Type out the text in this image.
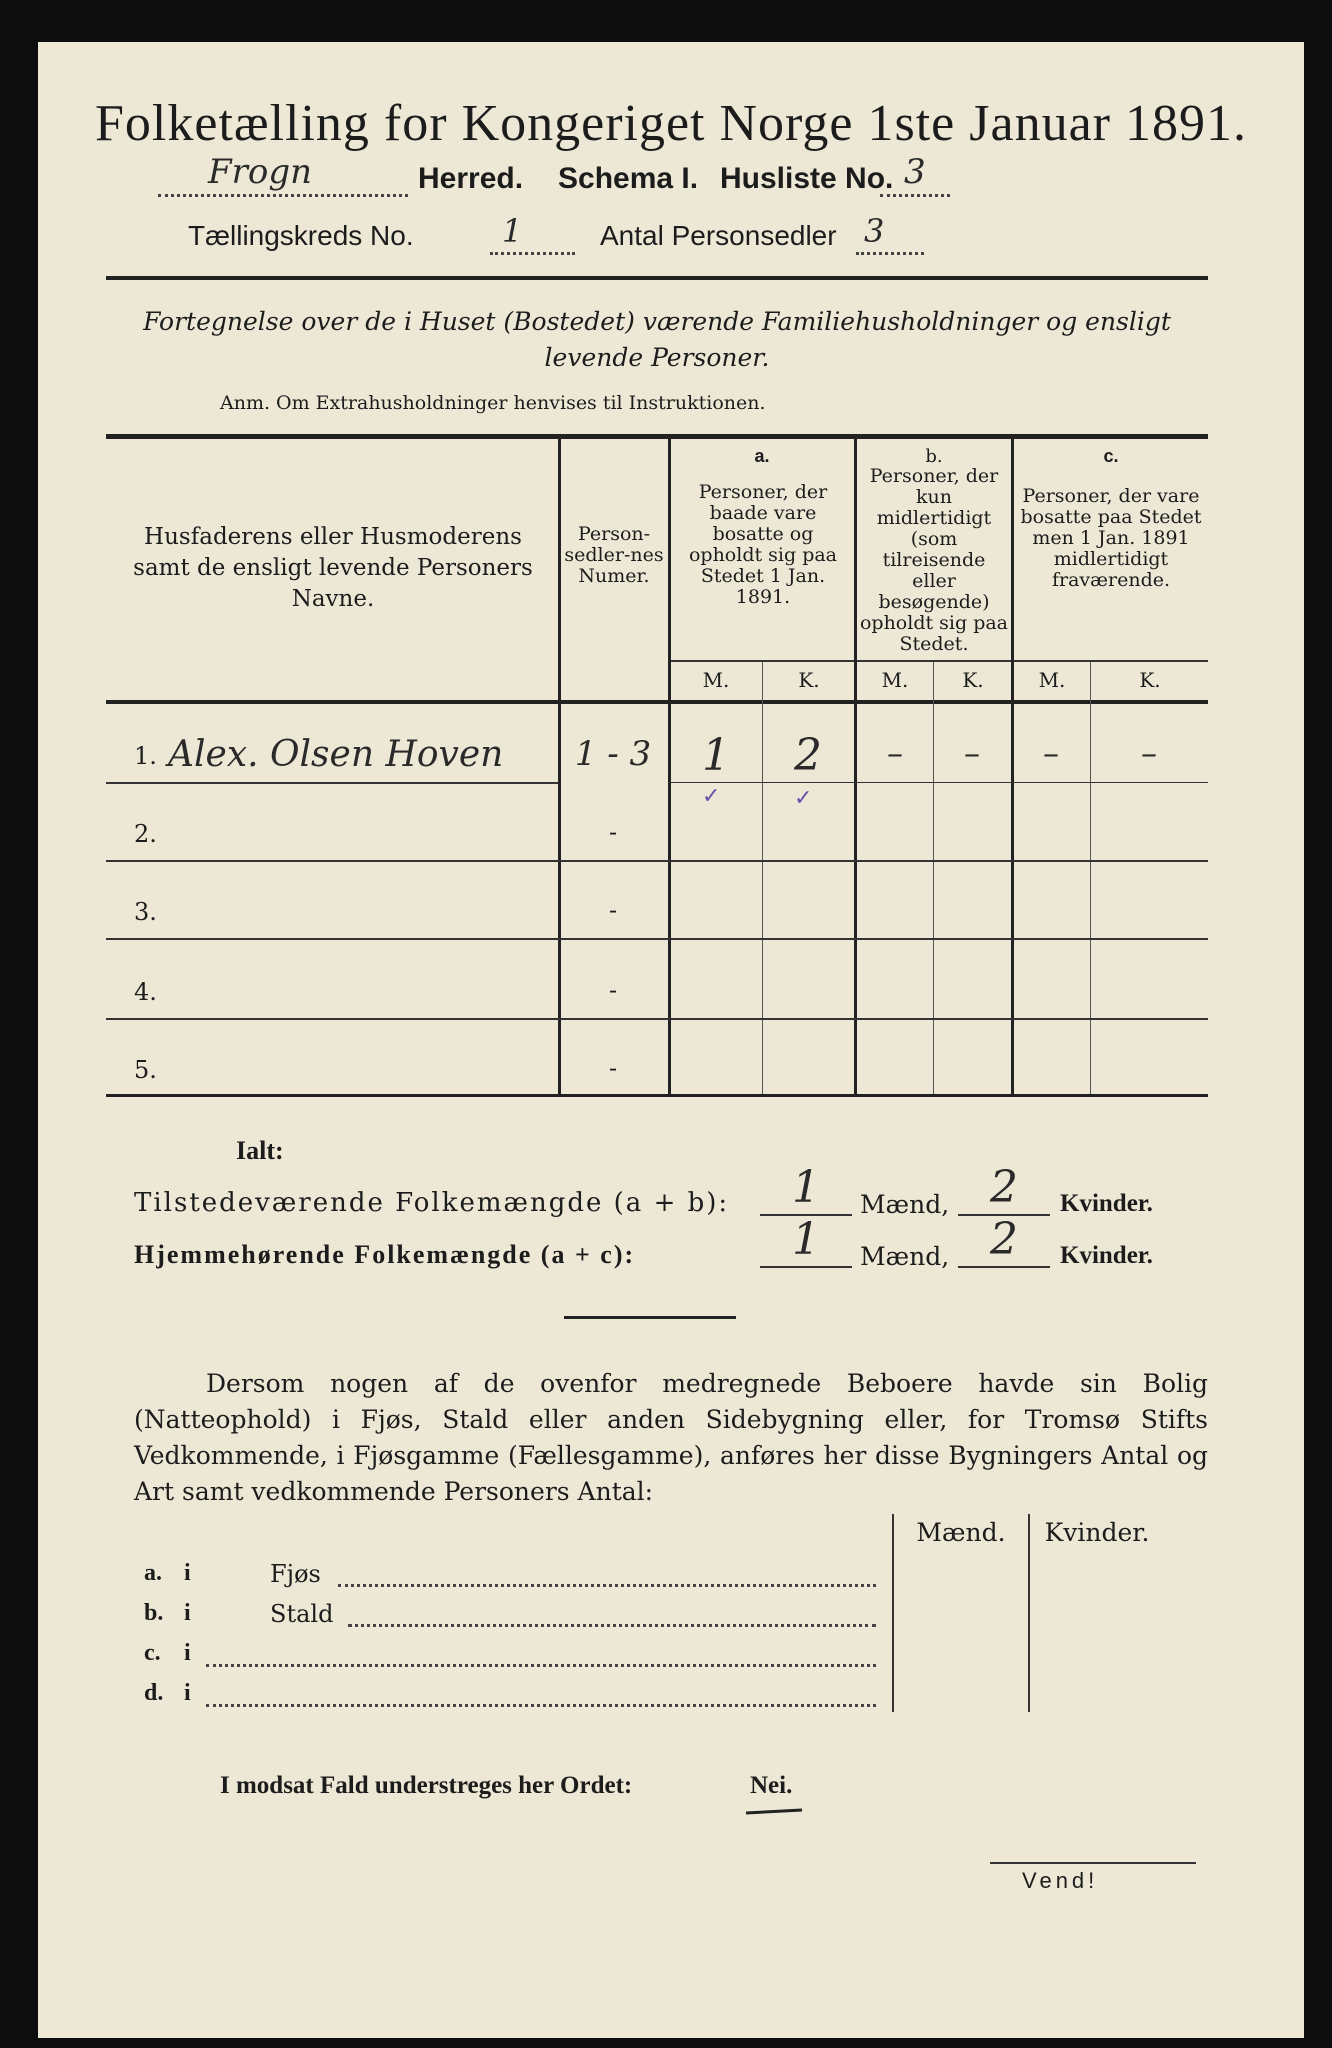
Folketælling for Kongeriget Norge 1ste Januar 1891.
Frogn	Herred. Schema I. Husliste No. 3
Tællingskreds No.	1	Antal Personsedler 3
Fortegnelse over de i Huset (Bostedet) værende Familiehusholdninger og ensligt levende Personer.
Anm. Om Extrahusholdninger henvises til Instruktionen.
Husfaderens eller Husmoderens samt de ensligt levende Personers Navne.
Person-sedler-nes Numer.
a.
Personer, der baade vare bosatte og opholdt sig paa Stedet 1 Jan. 1891.
b.
Personer, der kun midlertidigt (som tilreisende eller besøgende) opholdt sig paa Stedet.
c.
Personer, der vare bosatte paa Stedet men 1 Jan. 1891 midlertidigt fraværende.
M.	K.	M.	K.	M.	K.
1. Alex. Olsen Hoven	1 - 3	1	2	–	–	–	–
✓	✓
2.	-
3.	-
4.	-
5.	-
Ialt:
Tilstedeværende Folkemængde (a + b):	1	Mænd, 2	Kvinder.
Hjemmehørende Folkemængde (a + c):	1	Mænd, 2	Kvinder.
Dersom nogen af de ovenfor medregnede Beboere havde sin Bolig (Natteophold) i Fjøs, Stald eller anden Sidebygning eller, for Tromsø Stifts Vedkommende, i Fjøsgamme (Fællesgamme), anføres her disse Bygningers Antal og Art samt vedkommende Personers Antal:
Mænd.	Kvinder.
a. i	Fjøs
b. i	Stald
c. i
d. i
I modsat Fald understreges her Ordet:	Nei.
Vend!
